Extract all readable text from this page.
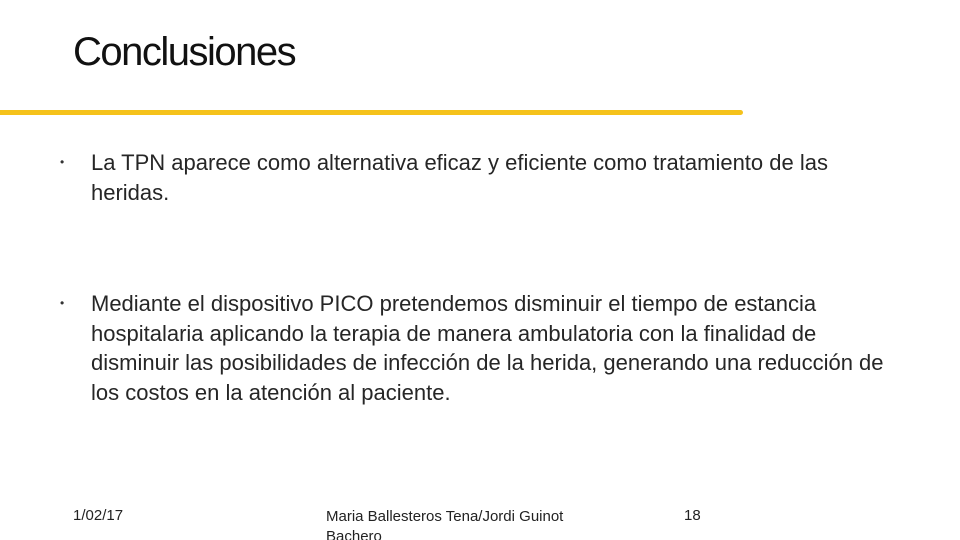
Conclusiones
• La TPN aparece como alternativa eficaz y eficiente como tratamiento de las heridas.
• Mediante el dispositivo PICO pretendemos disminuir el tiempo de estancia hospitalaria aplicando la terapia de manera ambulatoria con la finalidad de disminuir las posibilidades de infección de la herida, generando una reducción de los costos en la atención al paciente.
1/02/17	Maria Ballesteros Tena/Jordi Guinot Bachero
18
